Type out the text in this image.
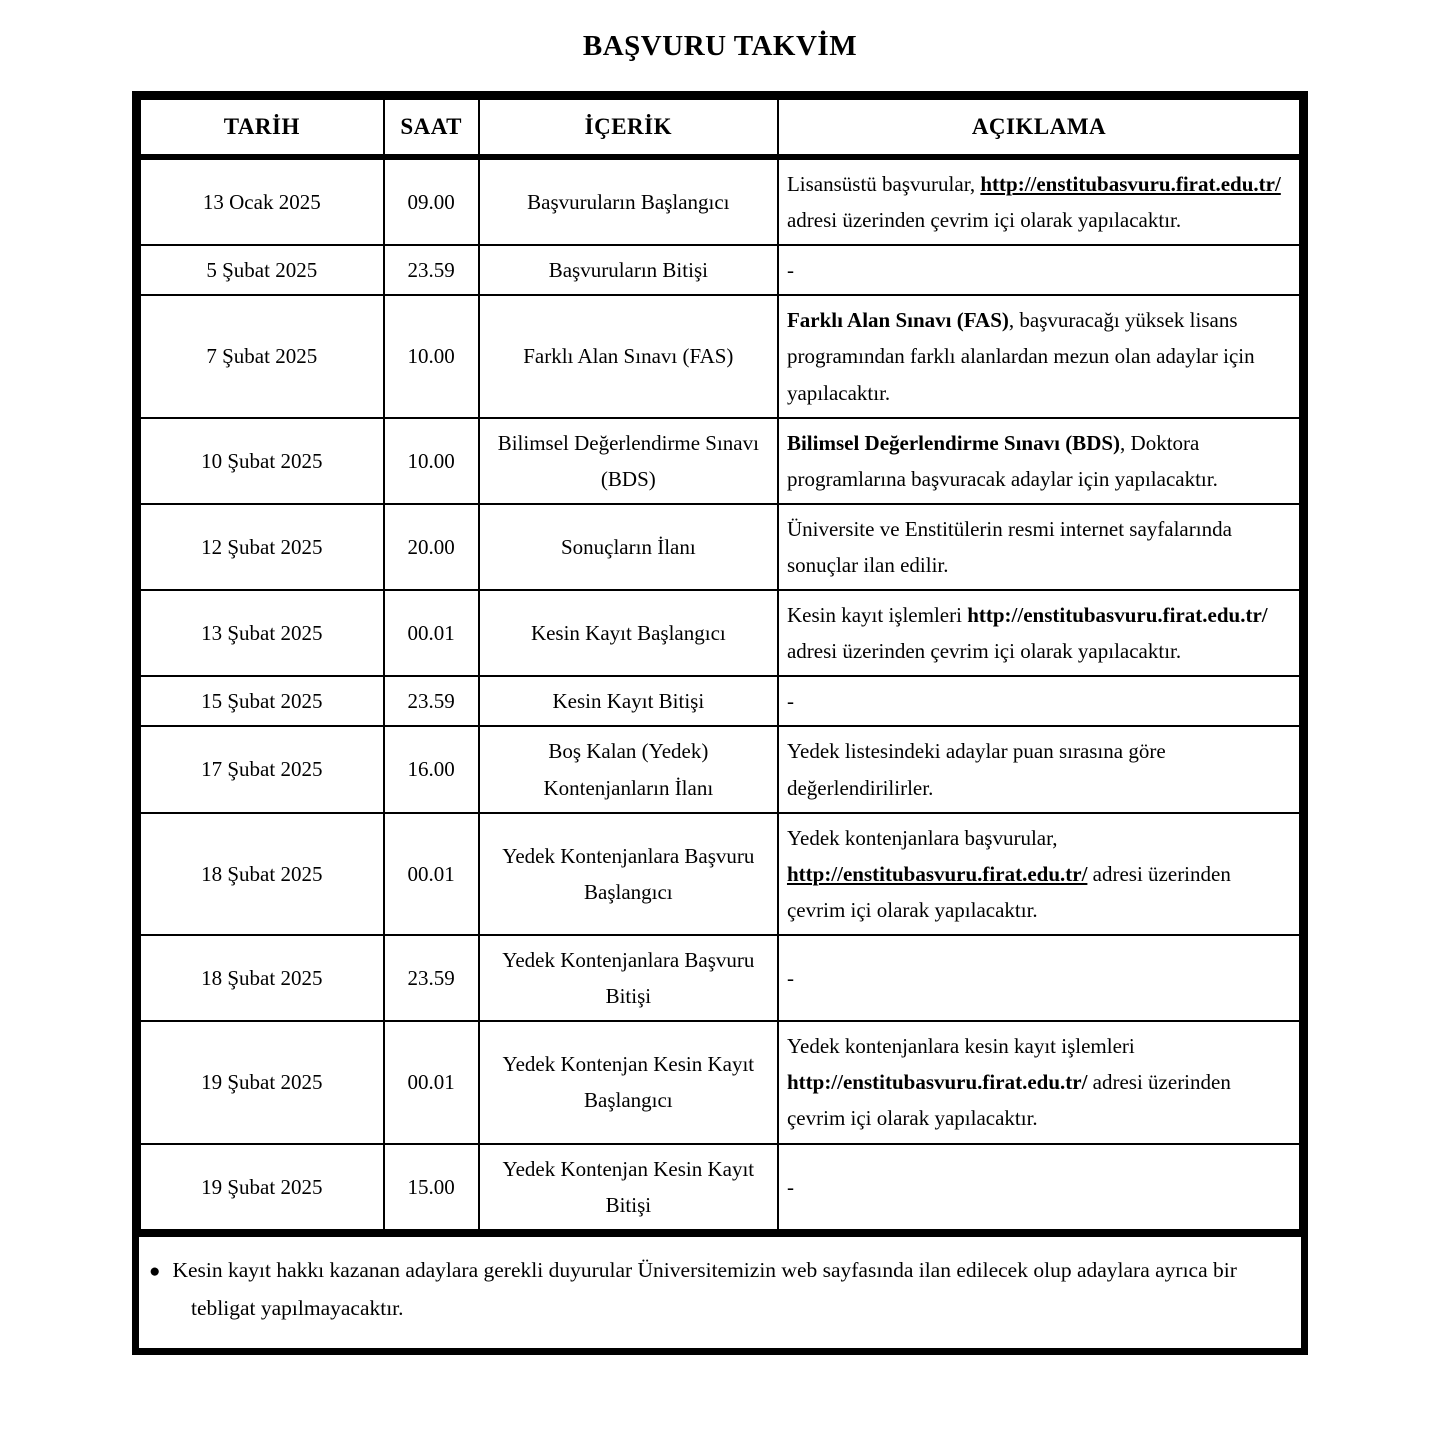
BAŞVURU TAKVİM
TARİH	SAAT	İÇERİK	AÇIKLAMA
13 Ocak 2025	09.00	Başvuruların Başlangıcı	Lisansüstü başvurular, http://enstitubasvuru.firat.edu.tr/ adresi üzerinden çevrim içi olarak yapılacaktır.
5 Şubat 2025	23.59	Başvuruların Bitişi	-
7 Şubat 2025	10.00	Farklı Alan Sınavı (FAS)	Farklı Alan Sınavı (FAS), başvuracağı yüksek lisans programından farklı alanlardan mezun olan adaylar için yapılacaktır.
10 Şubat 2025	10.00	Bilimsel Değerlendirme Sınavı (BDS)	Bilimsel Değerlendirme Sınavı (BDS), Doktora programlarına başvuracak adaylar için yapılacaktır.
12 Şubat 2025	20.00	Sonuçların İlanı	Üniversite ve Enstitülerin resmi internet sayfalarında sonuçlar ilan edilir.
13 Şubat 2025	00.01	Kesin Kayıt Başlangıcı	Kesin kayıt işlemleri http://enstitubasvuru.firat.edu.tr/ adresi üzerinden çevrim içi olarak yapılacaktır.
15 Şubat 2025	23.59	Kesin Kayıt Bitişi	-
17 Şubat 2025	16.00	Boş Kalan (Yedek) Kontenjanların İlanı	Yedek listesindeki adaylar puan sırasına göre değerlendirilirler.
18 Şubat 2025	00.01	Yedek Kontenjanlara Başvuru Başlangıcı	Yedek kontenjanlara başvurular, http://enstitubasvuru.firat.edu.tr/ adresi üzerinden çevrim içi olarak yapılacaktır.
18 Şubat 2025	23.59	Yedek Kontenjanlara Başvuru Bitişi	-
19 Şubat 2025	00.01	Yedek Kontenjan Kesin Kayıt Başlangıcı	Yedek kontenjanlara kesin kayıt işlemleri http://enstitubasvuru.firat.edu.tr/ adresi üzerinden çevrim içi olarak yapılacaktır.
19 Şubat 2025	15.00	Yedek Kontenjan Kesin Kayıt Bitişi	-
● Kesin kayıt hakkı kazanan adaylara gerekli duyurular Üniversitemizin web sayfasında ilan edilecek olup adaylara ayrıca bir tebligat yapılmayacaktır.
